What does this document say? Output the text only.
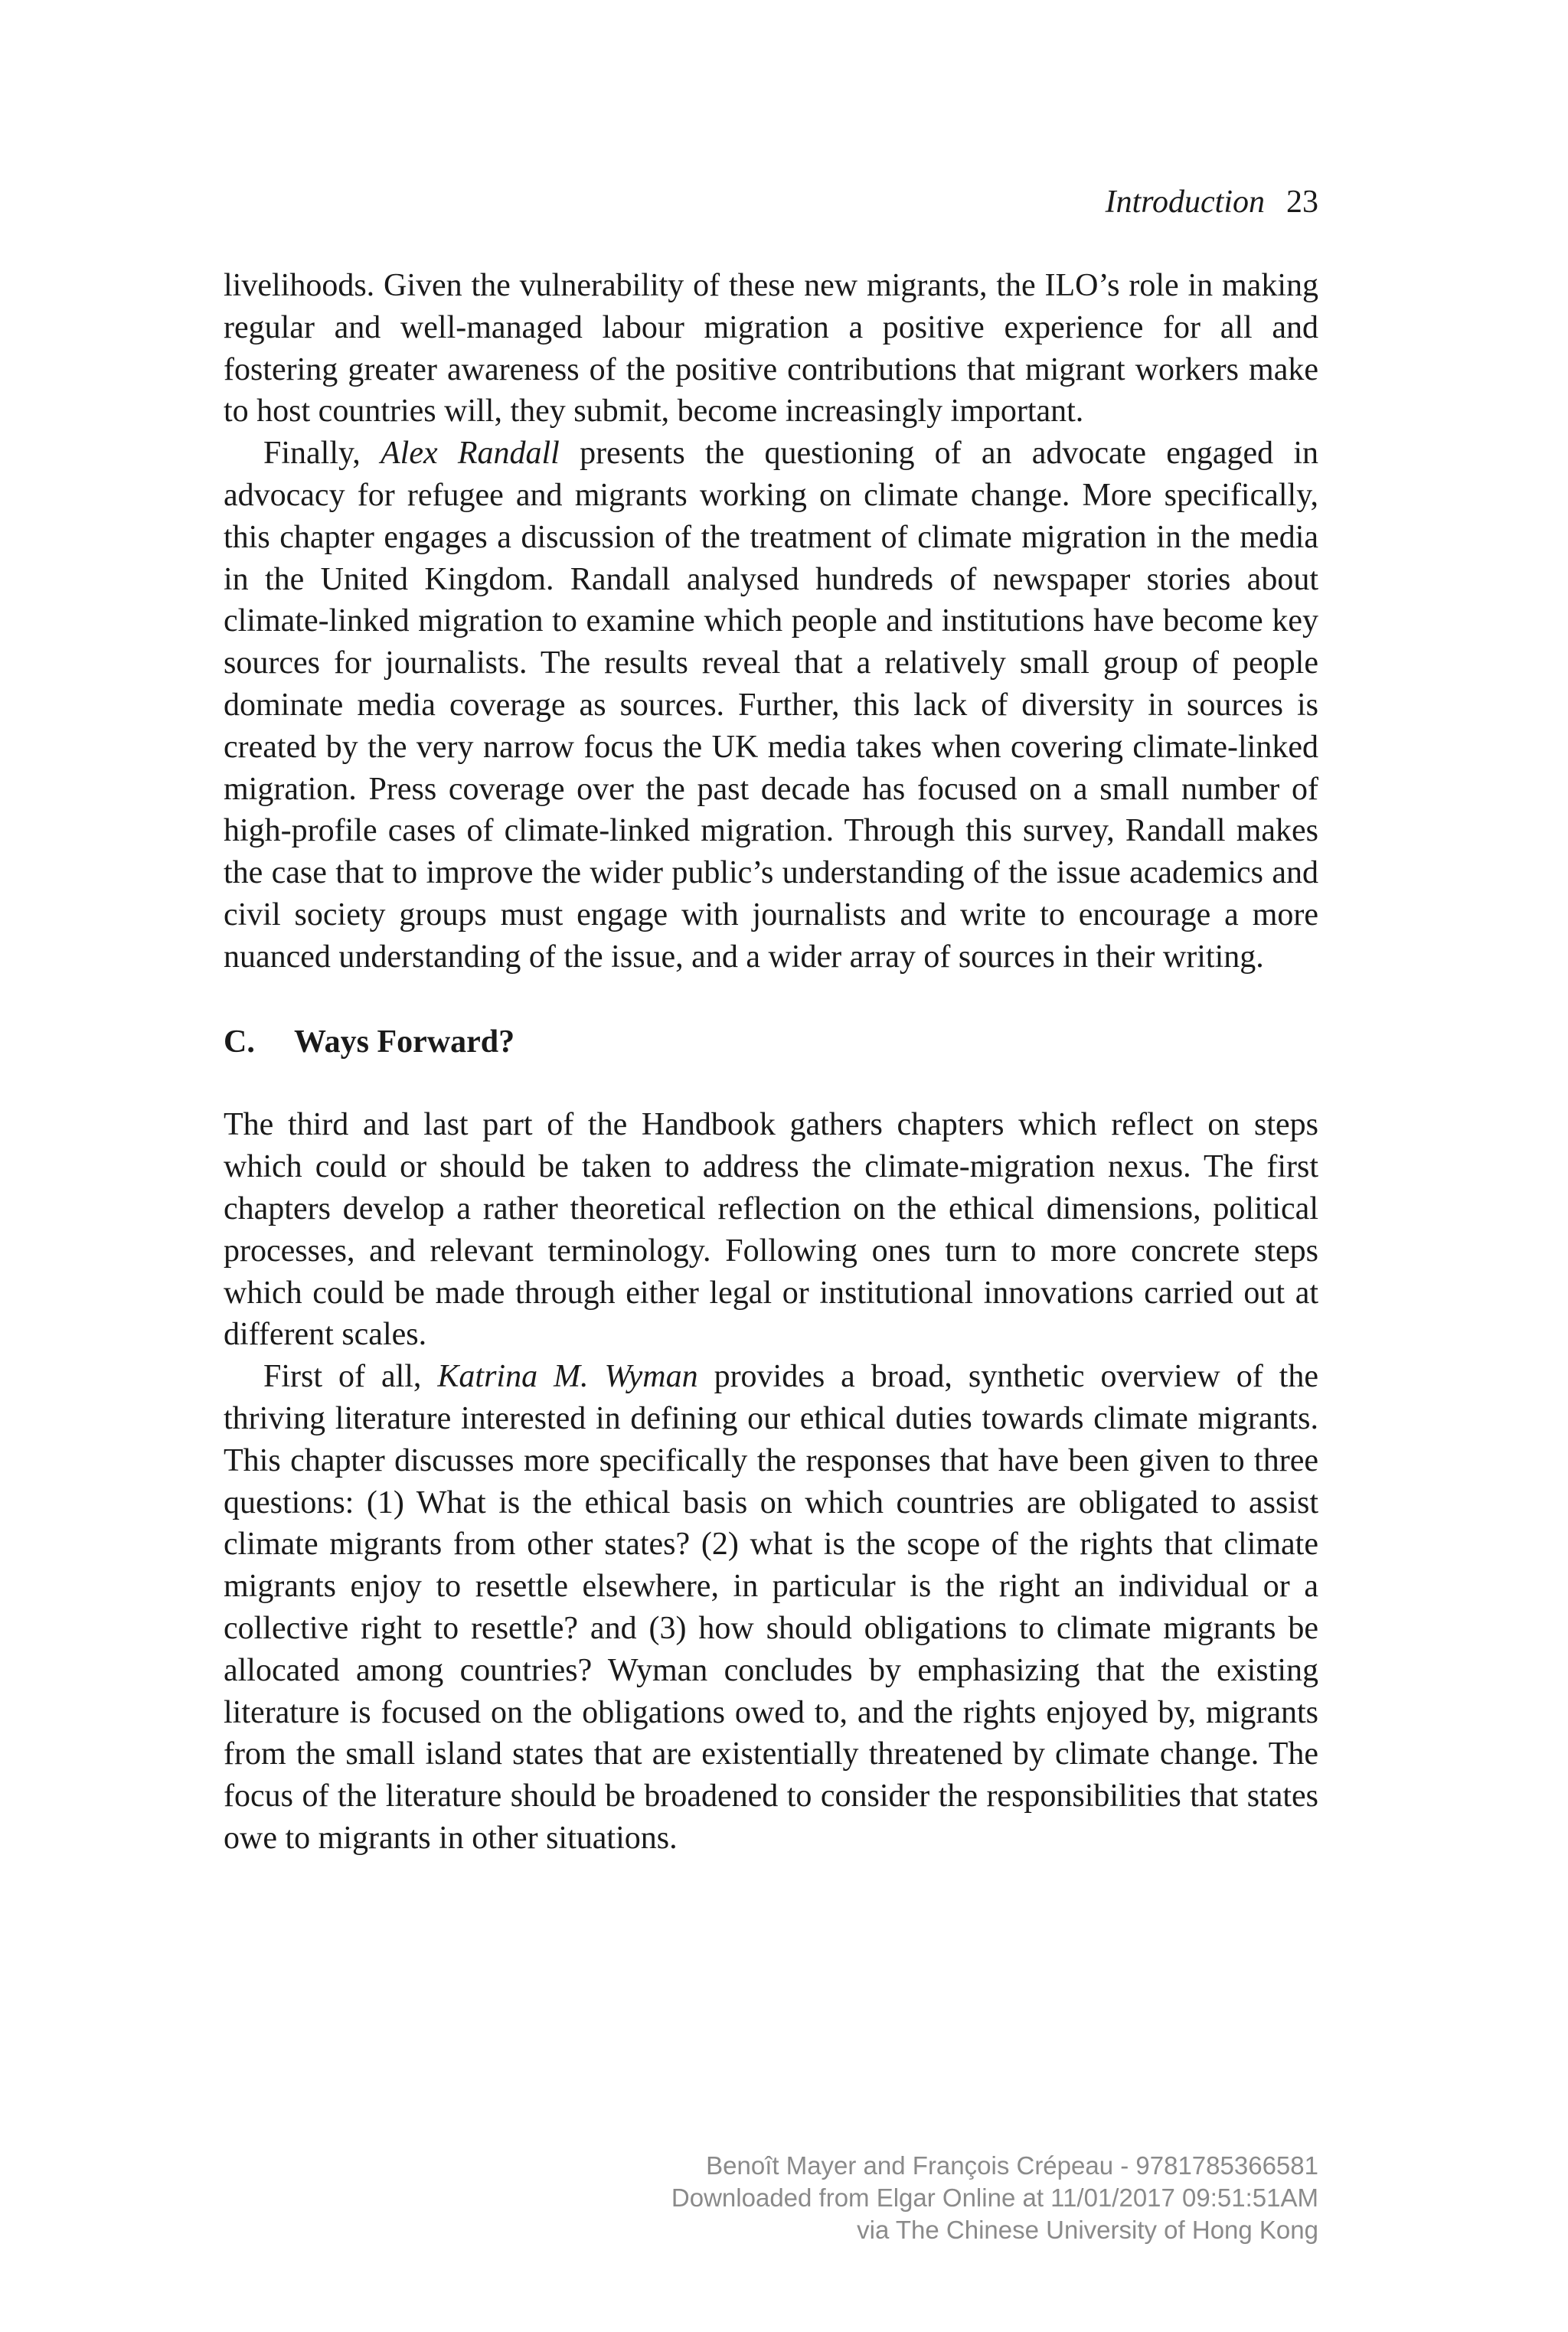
Introduction 23

livelihoods. Given the vulnerability of these new migrants, the ILO’s role in making regular and well-managed labour migration a positive experience for all and fostering greater awareness of the positive contributions that migrant workers make to host countries will, they submit, become increasingly important.

Finally, Alex Randall presents the questioning of an advocate engaged in advocacy for refugee and migrants working on climate change. More specifically, this chapter engages a discussion of the treatment of climate migration in the media in the United Kingdom. Randall analysed hundreds of newspaper stories about climate-linked migration to examine which people and institutions have become key sources for journalists. The results reveal that a relatively small group of people dominate media coverage as sources. Further, this lack of diversity in sources is created by the very narrow focus the UK media takes when covering climate-linked migration. Press coverage over the past decade has focused on a small number of high-profile cases of climate-linked migration. Through this survey, Randall makes the case that to improve the wider public’s understanding of the issue academics and civil society groups must engage with journalists and write to encourage a more nuanced understanding of the issue, and a wider array of sources in their writing.

C. Ways Forward?

The third and last part of the Handbook gathers chapters which reflect on steps which could or should be taken to address the climate-migration nexus. The first chapters develop a rather theoretical reflection on the ethical dimensions, political processes, and relevant terminology. Following ones turn to more concrete steps which could be made through either legal or institutional innovations carried out at different scales.

First of all, Katrina M. Wyman provides a broad, synthetic overview of the thriving literature interested in defining our ethical duties towards climate migrants. This chapter discusses more specifically the responses that have been given to three questions: (1) What is the ethical basis on which countries are obligated to assist climate migrants from other states? (2) what is the scope of the rights that climate migrants enjoy to resettle elsewhere, in particular is the right an individual or a collective right to resettle? and (3) how should obligations to climate migrants be allocated among countries? Wyman concludes by emphasizing that the existing literature is focused on the obligations owed to, and the rights enjoyed by, migrants from the small island states that are existentially threatened by climate change. The focus of the literature should be broadened to consider the responsibilities that states owe to migrants in other situations.

Benoît Mayer and François Crépeau - 9781785366581
Downloaded from Elgar Online at 11/01/2017 09:51:51AM
via The Chinese University of Hong Kong
